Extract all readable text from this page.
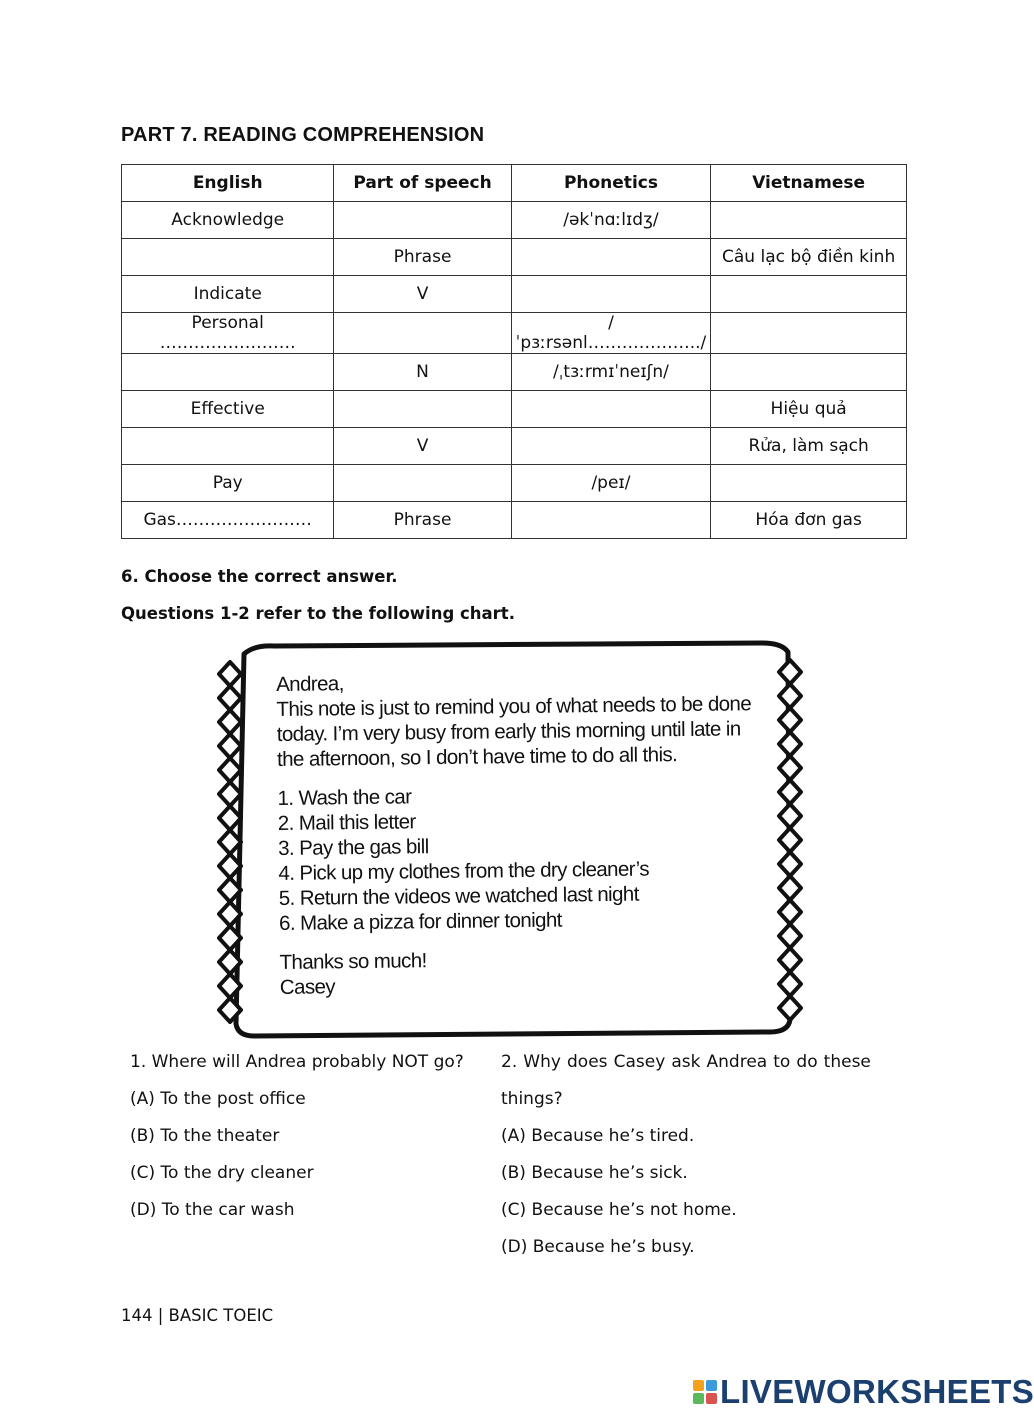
PART 7. READING COMPREHENSION
English	Part of speech	Phonetics	Vietnamese
Acknowledge		/əkˈnɑːlɪdʒ/	
	Phrase		Câu lạc bộ điền kinh
Indicate	V		
Personal ……………………		/ˈpɜːrsənl………………../	
	N	/ˌtɜːrmɪˈneɪʃn/	
Effective			Hiệu quả
	V		Rửa, làm sạch
Pay		/peɪ/	
Gas……………………	Phrase		Hóa đơn gas
6. Choose the correct answer.
Questions 1-2 refer to the following chart.
Andrea,
This note is just to remind you of what needs to be done
today. I’m very busy from early this morning until late in
the afternoon, so I don’t have time to do all this.
1. Wash the car
2. Mail this letter
3. Pay the gas bill
4. Pick up my clothes from the dry cleaner’s
5. Return the videos we watched last night
6. Make a pizza for dinner tonight
Thanks so much!
Casey
1. Where will Andrea probably NOT go?
(A) To the post office
(B) To the theater
(C) To the dry cleaner
(D) To the car wash
2. Why does Casey ask Andrea to do these
things?
(A) Because he’s tired.
(B) Because he’s sick.
(C) Because he’s not home.
(D) Because he’s busy.
144 | BASIC TOEIC
LIVEWORKSHEETS
